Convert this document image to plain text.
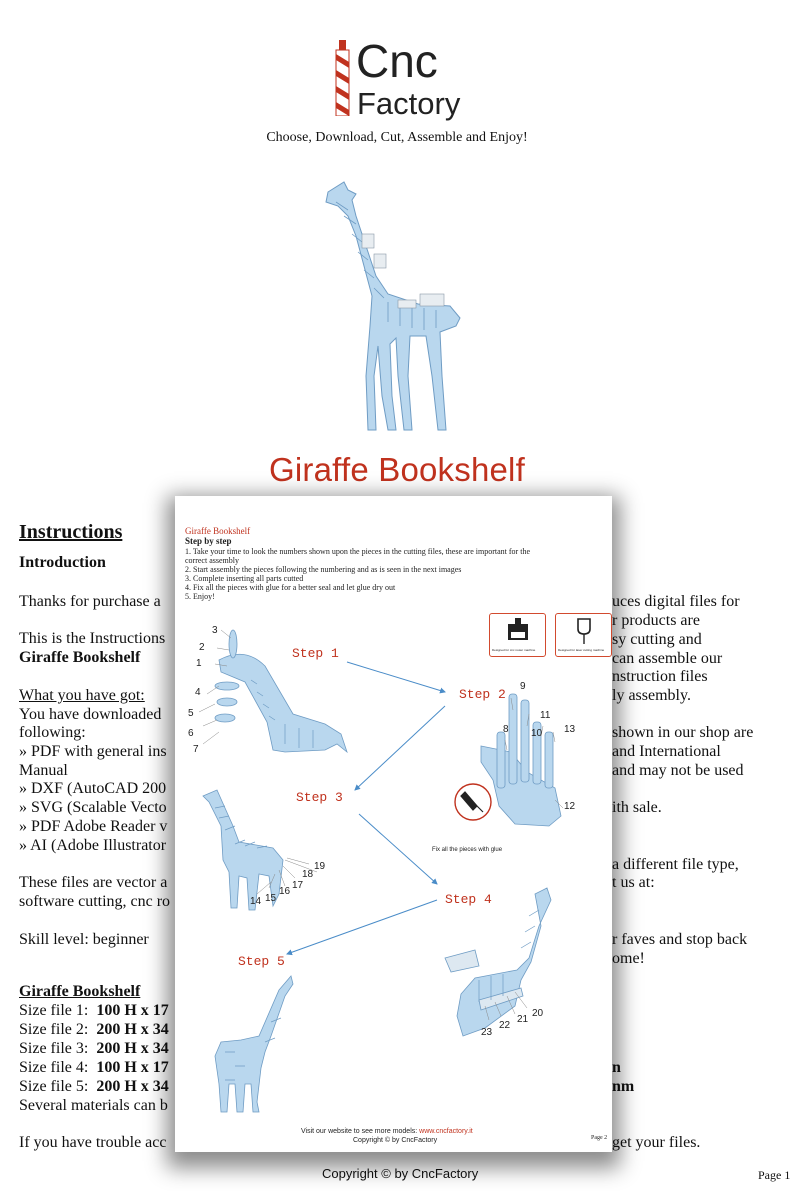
Cnc
Factory
Choose, Download, Cut, Assemble and Enjoy!
Giraffe Bookshelf
Instructions
Introduction
Thanks for purchase a
This is the Instructions
Giraffe Bookshelf
What you have got:
You have downloaded
following:
» PDF with general ins
Manual
» DXF (AutoCAD 200
» SVG (Scalable Vecto
» PDF Adobe Reader v
» AI (Adobe Illustrator
These files are vector a
software cutting, cnc ro
Skill level: beginner
Giraffe Bookshelf
Size file 1: 100 H x 17
Size file 2: 200 H x 34
Size file 3: 200 H x 34
Size file 4: 100 H x 17
Size file 5: 200 H x 34
Several materials can b
If you have trouble acc
uces digital files for
r products are
sy cutting and
can assemble our
nstruction files
ly assembly.
shown in our shop are
and International
and may not be used
ith sale.
a different file type,
t us at:
r faves and stop back
ome!
n
nm
get your files.
Copyright © by CncFactory	Page 1
Giraffe Bookshelf
Step by step
1. Take your time to look the numbers shown upon the pieces in the cutting files, these are important for the
correct assembly
2. Start assembly the pieces following the numbering and as is seen in the next images
3. Complete inserting all parts cutted
4. Fix all the pieces with glue for a better seal and let glue dry out
5. Enjoy!
Designed for cnc router machine	Designed for laser cutting machine
Step 1
Step 2
Step 3
Step 4
Step 5
Fix all the pieces with glue
1
2
3
4
5
6
7
8
9
10
11
12
13
14 15
16
17
18
19
20
21
22
23
Visit our website to see more models: www.cncfactory.it
Copyright © by CncFactory	Page 2
